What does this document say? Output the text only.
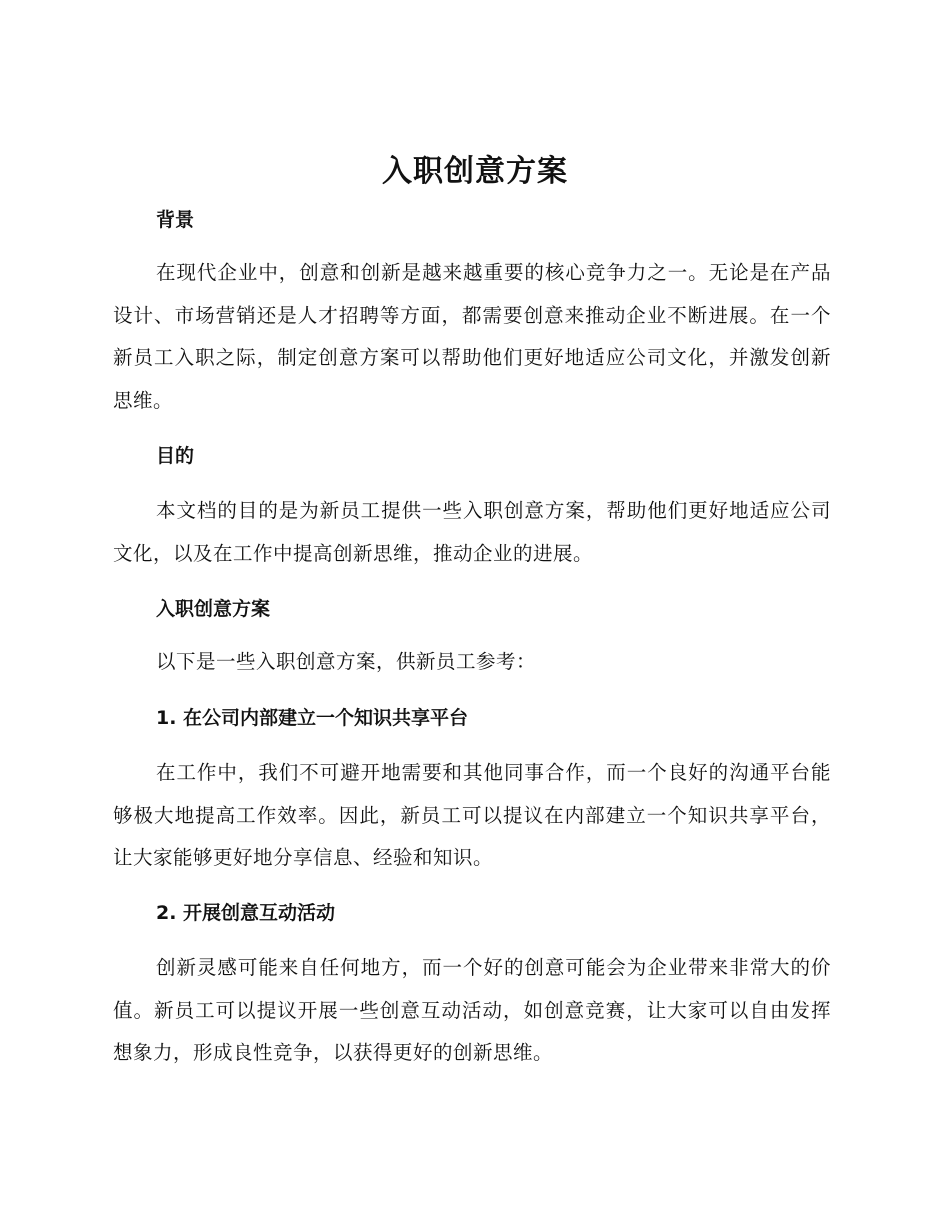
入职创意方案
背景
在现代企业中，创意和创新是越来越重要的核心竞争力之一。无论是在产品设计、市场营销还是人才招聘等方面，都需要创意来推动企业不断进展。在一个新员工入职之际，制定创意方案可以帮助他们更好地适应公司文化，并激发创新思维。
目的
本文档的目的是为新员工提供一些入职创意方案，帮助他们更好地适应公司文化，以及在工作中提高创新思维，推动企业的进展。
入职创意方案
以下是一些入职创意方案，供新员工参考：
1. 在公司内部建立一个知识共享平台
在工作中，我们不可避开地需要和其他同事合作，而一个良好的沟通平台能够极大地提高工作效率。因此，新员工可以提议在内部建立一个知识共享平台，让大家能够更好地分享信息、经验和知识。
2. 开展创意互动活动
创新灵感可能来自任何地方，而一个好的创意可能会为企业带来非常大的价值。新员工可以提议开展一些创意互动活动，如创意竞赛，让大家可以自由发挥想象力，形成良性竞争，以获得更好的创新思维。
